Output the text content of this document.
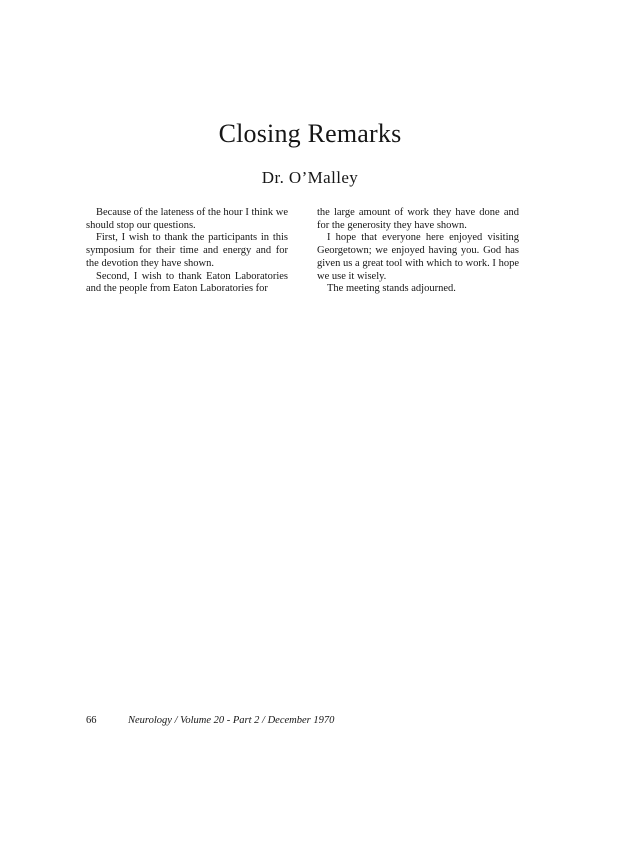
Closing Remarks
Dr. O’Malley

Because of the lateness of the hour I think we should stop our questions.

First, I wish to thank the participants in this symposium for their time and energy and for the devotion they have shown.

Second, I wish to thank Eaton Laboratories and the people from Eaton Laboratories for

the large amount of work they have done and for the generosity they have shown.

I hope that everyone here enjoyed visiting Georgetown; we enjoyed having you. God has given us a great tool with which to work. I hope we use it wisely.

The meeting stands adjourned.

66	Neurology / Volume 20 - Part 2 / December 1970
